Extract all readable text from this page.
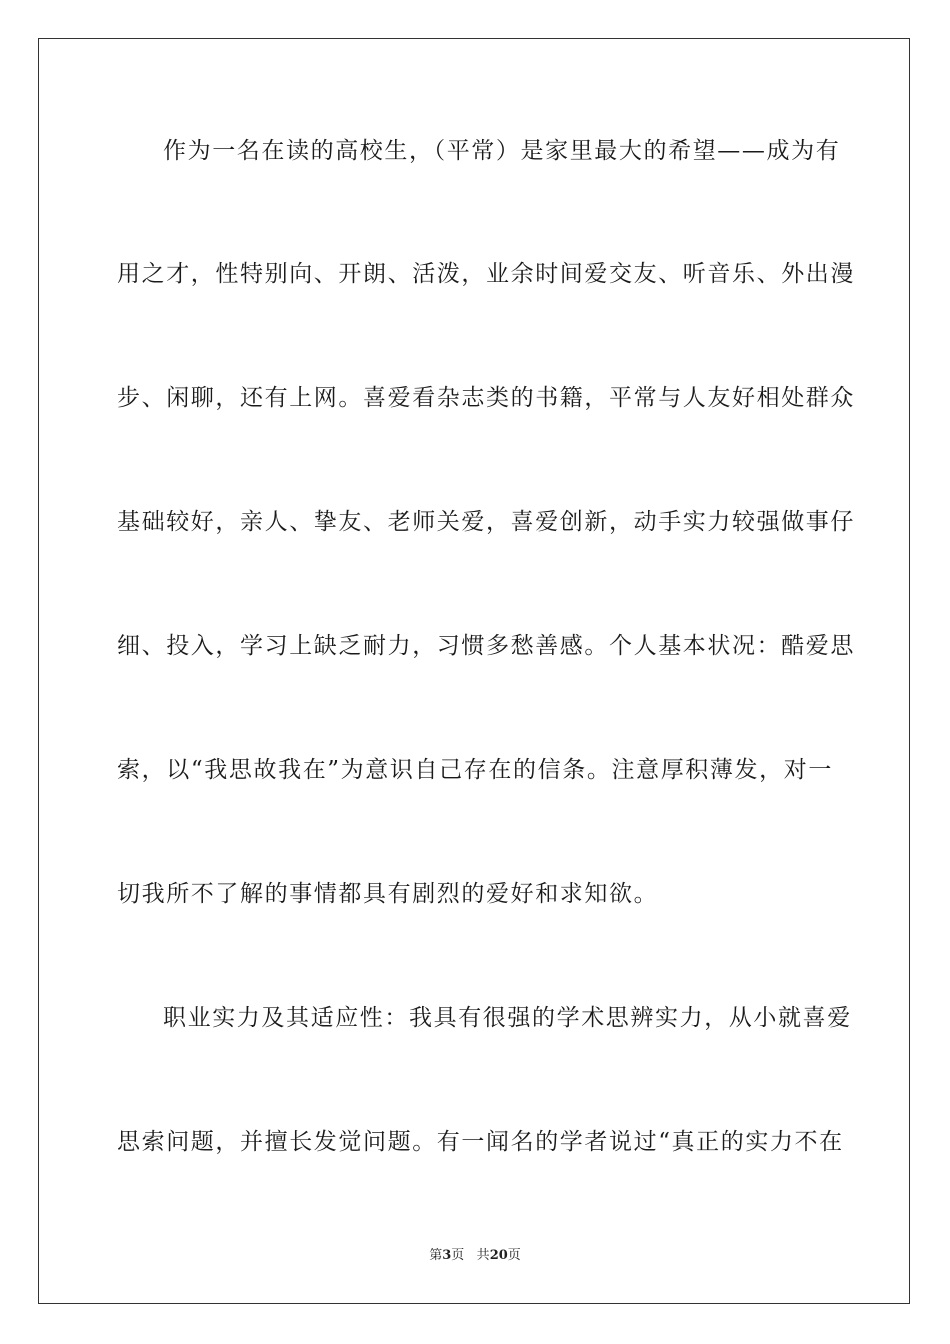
作为一名在读的高校生，（平常）是家里最大的希望——成为有
用之才，性特别向、开朗、活泼，业余时间爱交友、听音乐、外出漫
步、闲聊，还有上网。喜爱看杂志类的书籍，平常与人友好相处群众
基础较好，亲人、挚友、老师关爱，喜爱创新，动手实力较强做事仔
细、投入，学习上缺乏耐力，习惯多愁善感。个人基本状况：酷爱思
索，以“我思故我在”为意识自己存在的信条。注意厚积薄发，对一
切我所不了解的事情都具有剧烈的爱好和求知欲。
职业实力及其适应性：我具有很强的学术思辨实力，从小就喜爱
思索问题，并擅长发觉问题。有一闻名的学者说过“真正的实力不在
第3页 共20页
